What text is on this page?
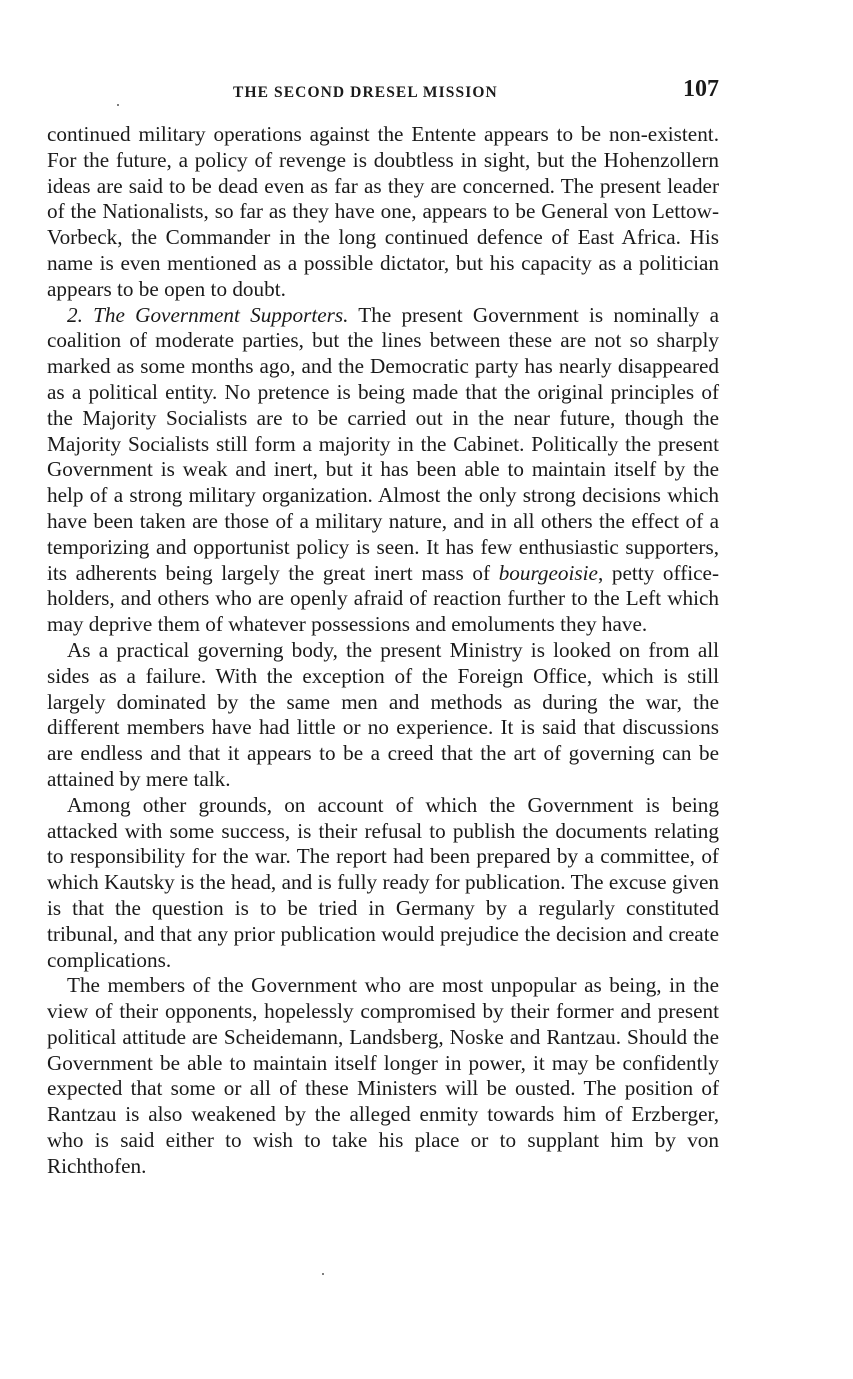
THE SECOND DRESEL MISSION	107

continued military operations against the Entente appears to be non-existent. For the future, a policy of revenge is doubtless in sight, but the Hohenzollern ideas are said to be dead even as far as they are concerned. The present leader of the Nationalists, so far as they have one, appears to be General von Lettow-Vorbeck, the Commander in the long continued defence of East Africa. His name is even mentioned as a possible dictator, but his capacity as a politician appears to be open to doubt.

2. The Government Supporters. The present Government is nominally a coalition of moderate parties, but the lines between these are not so sharply marked as some months ago, and the Democratic party has nearly disappeared as a political entity. No pretence is being made that the original principles of the Majority Socialists are to be carried out in the near future, though the Majority Socialists still form a majority in the Cabinet. Politically the present Government is weak and inert, but it has been able to maintain itself by the help of a strong military organization. Almost the only strong decisions which have been taken are those of a military nature, and in all others the effect of a temporizing and opportunist policy is seen. It has few enthusiastic supporters, its adherents being largely the great inert mass of bourgeoisie, petty office-holders, and others who are openly afraid of reaction further to the Left which may deprive them of whatever possessions and emoluments they have.

As a practical governing body, the present Ministry is looked on from all sides as a failure. With the exception of the Foreign Office, which is still largely dominated by the same men and methods as during the war, the different members have had little or no experience. It is said that discussions are endless and that it appears to be a creed that the art of governing can be attained by mere talk.

Among other grounds, on account of which the Government is being attacked with some success, is their refusal to publish the documents relating to responsibility for the war. The report had been prepared by a committee, of which Kautsky is the head, and is fully ready for publication. The excuse given is that the question is to be tried in Germany by a regularly constituted tribunal, and that any prior publication would prejudice the decision and create complications.

The members of the Government who are most unpopular as being, in the view of their opponents, hopelessly compromised by their former and present political attitude are Scheidemann, Landsberg, Noske and Rantzau. Should the Government be able to maintain itself longer in power, it may be confidently expected that some or all of these Ministers will be ousted. The position of Rantzau is also weakened by the alleged enmity towards him of Erzberger, who is said either to wish to take his place or to supplant him by von Richthofen.
